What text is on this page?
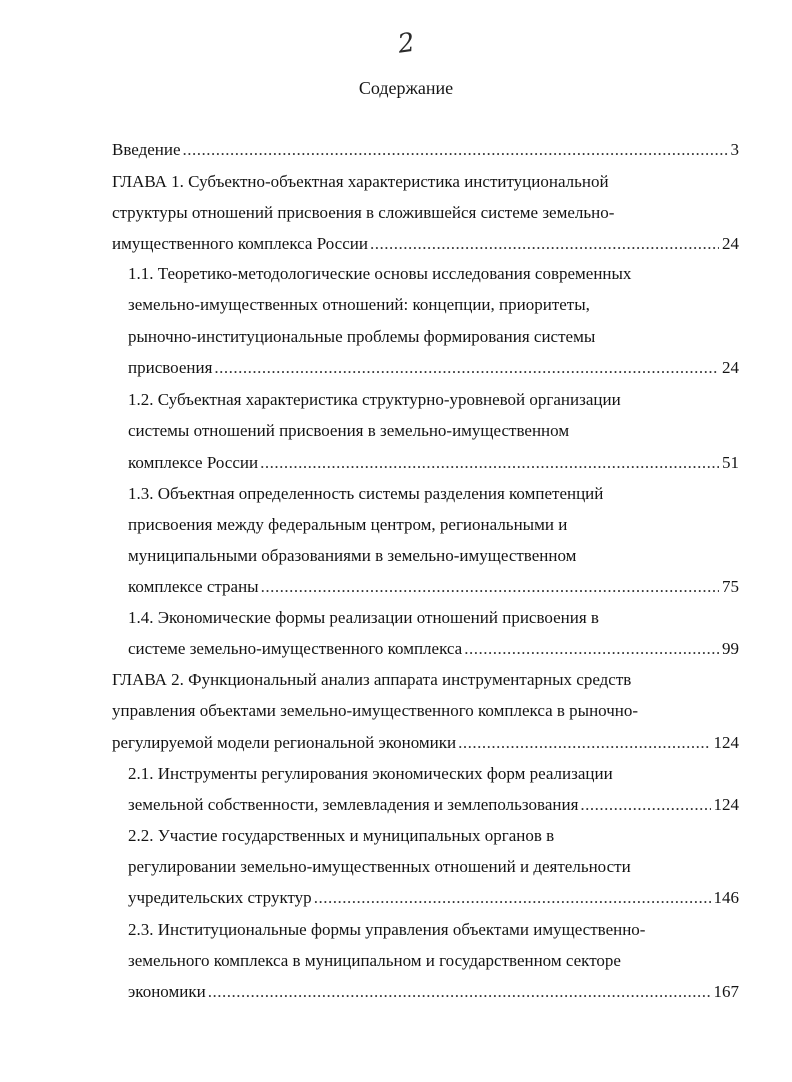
2
Содержание
Введение .....	3
ГЛАВА 1. Субъектно-объектная характеристика институциональной
структуры отношений присвоения в сложившейся системе земельно-
имущественного комплекса России .....	24
1.1. Теоретико-методологические основы исследования современных
земельно-имущественных отношений: концепции, приоритеты,
рыночно-институциональные проблемы формирования системы
присвоения .....	24
1.2. Субъектная характеристика структурно-уровневой организации
системы отношений присвоения в земельно-имущественном
комплексе России .....	51
1.3. Объектная определенность системы разделения компетенций
присвоения между федеральным центром, региональными и
муниципальными образованиями в земельно-имущественном
комплексе страны .....	75
1.4. Экономические формы реализации отношений присвоения в
системе земельно-имущественного комплекса .....	99
ГЛАВА 2. Функциональный анализ аппарата инструментарных средств
управления объектами земельно-имущественного комплекса в рыночно-
регулируемой модели региональной экономики .....	124
2.1. Инструменты регулирования экономических форм реализации
земельной собственности, землевладения и землепользования .....	124
2.2. Участие государственных и муниципальных органов в
регулировании земельно-имущественных отношений и деятельности
учредительских структур .....	146
2.3. Институциональные формы управления объектами имущественно-
земельного комплекса в муниципальном и государственном секторе
экономики .....	167
